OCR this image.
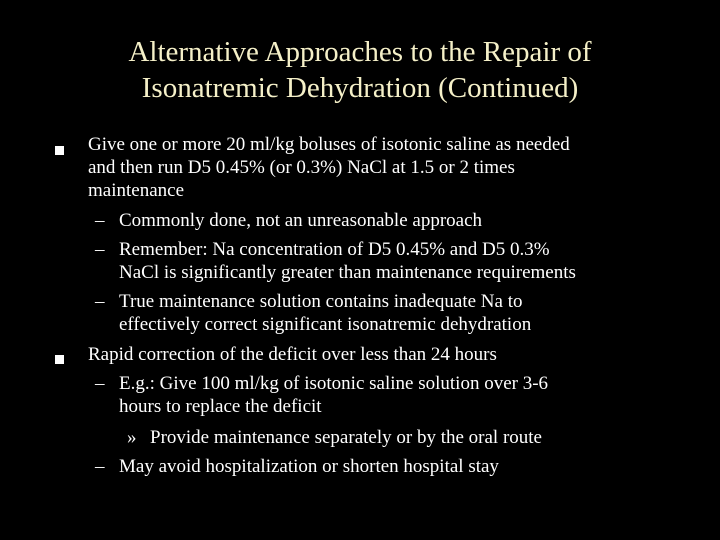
Alternative Approaches to the Repair of
Isonatremic Dehydration (Continued)
Give one or more 20 ml/kg boluses of isotonic saline as needed
and then run D5 0.45% (or 0.3%) NaCl at 1.5 or 2 times
maintenance
– Commonly done, not an unreasonable approach
– Remember: Na concentration of D5 0.45% and D5 0.3%
NaCl is significantly greater than maintenance requirements
– True maintenance solution contains inadequate Na to
effectively correct significant isonatremic dehydration
Rapid correction of the deficit over less than 24 hours
– E.g.: Give 100 ml/kg of isotonic saline solution over 3-6
hours to replace the deficit
» Provide maintenance separately or by the oral route
– May avoid hospitalization or shorten hospital stay
